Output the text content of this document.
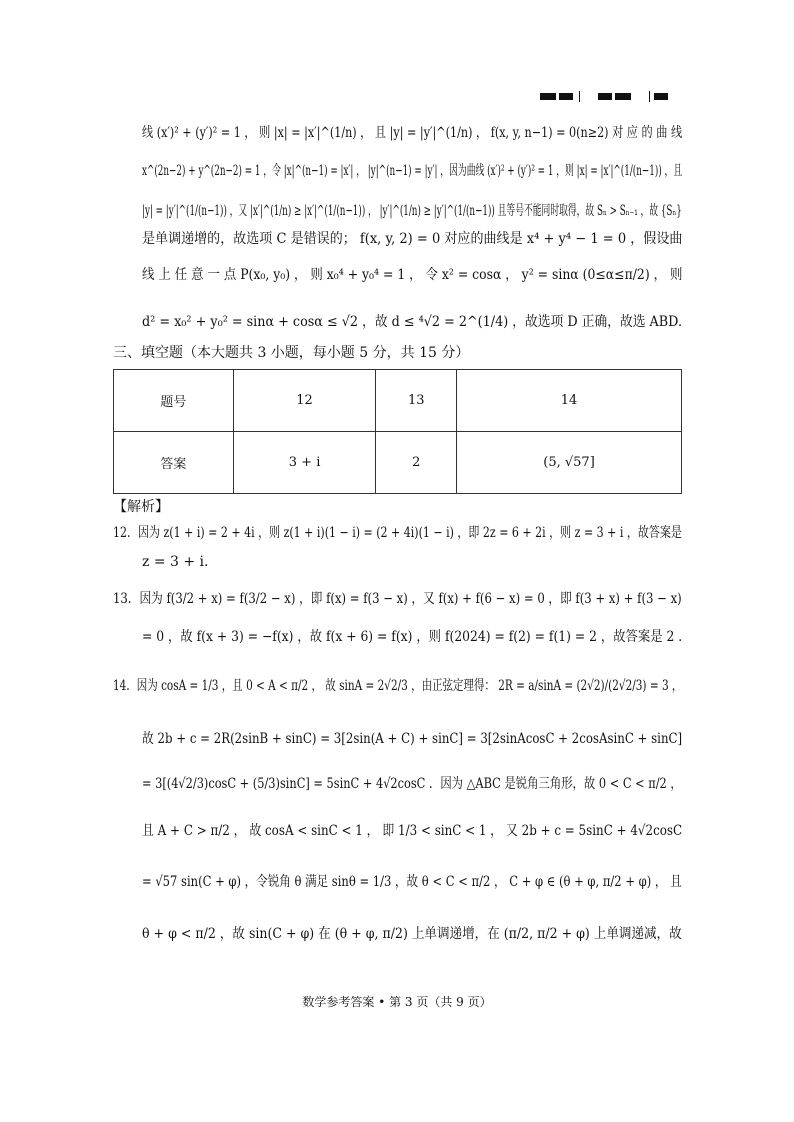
线 (x′)² + (y′)² = 1 ， 则 |x| = |x′|^(1/n) ， 且 |y| = |y′|^(1/n) ， f(x, y, n−1) = 0(n≥2) 对 应 的 曲 线
x^(2n−2) + y^(2n−2) = 1 ，令 |x|^(n−1) = |x′| ， |y|^(n−1) = |y′| ，因为曲线 (x′)² + (y′)² = 1 ，则 |x| = |x′|^(1/(n−1)) ，且
|y| = |y′|^(1/(n−1)) ，又 |x′|^(1/n) ≥ |x′|^(1/(n−1)) ， |y′|^(1/n) ≥ |y′|^(1/(n−1)) 且等号不能同时取得，故 Sₙ > Sₙ₋₁ ，故 {Sₙ}
是单调递增的，故选项 C 是错误的； f(x, y, 2) = 0 对应的曲线是 x⁴ + y⁴ − 1 = 0 ，假设曲
线 上 任 意 一 点 P(x₀, y₀) ， 则 x₀⁴ + y₀⁴ = 1 ， 令 x² = cosα ， y² = sinα (0≤α≤π/2) ， 则
d² = x₀² + y₀² = sinα + cosα ≤ √2 ，故 d ≤ ⁴√2 = 2^(1/4) ，故选项 D 正确，故选 ABD.
三、填空题（本大题共 3 小题，每小题 5 分，共 15 分）
题号	12	13	14
答案	3 + i	2	(5, √57]
【解析】
12．因为 z(1 + i) = 2 + 4i ，则 z(1 + i)(1 − i) = (2 + 4i)(1 − i) ，即 2z = 6 + 2i ，则 z = 3 + i ，故答案是
z = 3 + i.
13．因为 f(3/2 + x) = f(3/2 − x) ，即 f(x) = f(3 − x) ，又 f(x) + f(6 − x) = 0 ，即 f(3 + x) + f(3 − x)
= 0 ，故 f(x + 3) = −f(x) ，故 f(x + 6) = f(x) ，则 f(2024) = f(2) = f(1) = 2 ，故答案是 2 .
14．因为 cosA = 1/3 ，且 0 < A < π/2 ， 故 sinA = 2√2/3 ，由正弦定理得： 2R = a/sinA = (2√2)/(2√2/3) = 3 ，
故 2b + c = 2R(2sinB + sinC) = 3[2sin(A + C) + sinC] = 3[2sinAcosC + 2cosAsinC + sinC]
= 3[(4√2/3)cosC + (5/3)sinC] = 5sinC + 4√2cosC ．因为 △ABC 是锐角三角形，故 0 < C < π/2 ，
且 A + C > π/2 ， 故 cosA < sinC < 1 ， 即 1/3 < sinC < 1 ， 又 2b + c = 5sinC + 4√2cosC
= √57 sin(C + φ) ，令锐角 θ 满足 sinθ = 1/3 ，故 θ < C < π/2 ， C + φ ∈ (θ + φ, π/2 + φ) ， 且
θ + φ < π/2 ，故 sin(C + φ) 在 (θ + φ, π/2) 上单调递增，在 (π/2, π/2 + φ) 上单调递减，故
数学参考答案 • 第 3 页（共 9 页）
